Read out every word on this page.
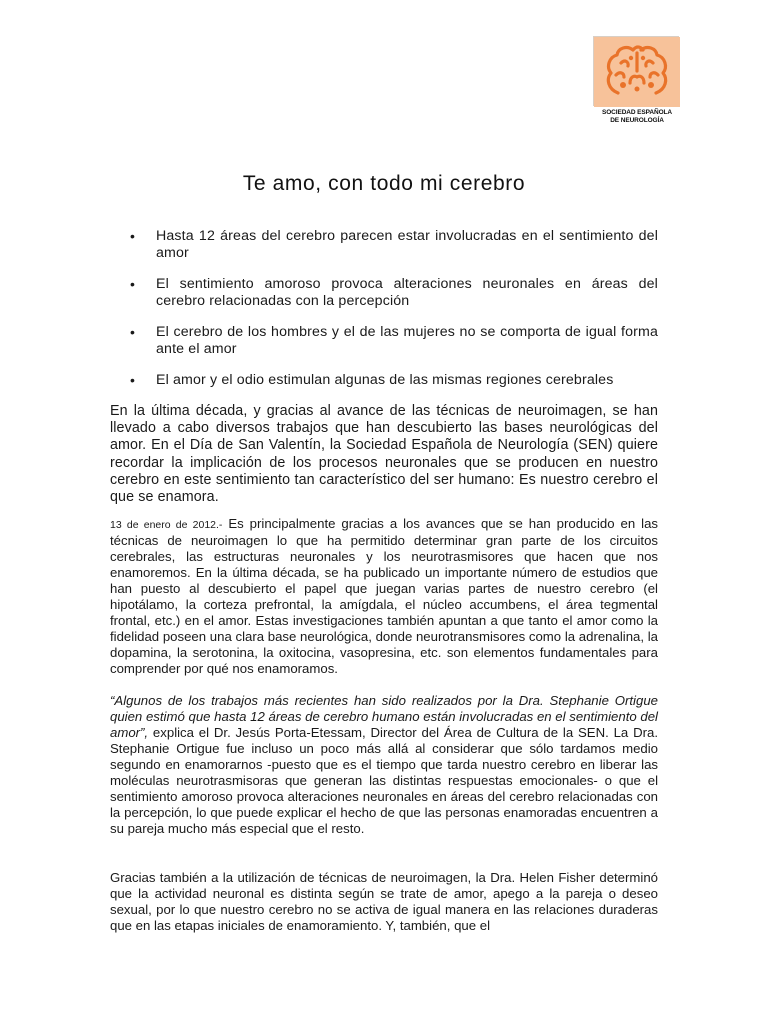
SOCIEDAD ESPAÑOLA
DE NEUROLOGÍA
Te amo, con todo mi cerebro
• Hasta 12 áreas del cerebro parecen estar involucradas en el sentimiento del amor
• El sentimiento amoroso provoca alteraciones neuronales en áreas del cerebro relacionadas con la percepción
• El cerebro de los hombres y el de las mujeres no se comporta de igual forma ante el amor
• El amor y el odio estimulan algunas de las mismas regiones cerebrales

En la última década, y gracias al avance de las técnicas de neuroimagen, se han llevado a cabo diversos trabajos que han descubierto las bases neurológicas del amor. En el Día de San Valentín, la Sociedad Española de Neurología (SEN) quiere recordar la implicación de los procesos neuronales que se producen en nuestro cerebro en este sentimiento tan característico del ser humano: Es nuestro cerebro el que se enamora.

13 de enero de 2012.- Es principalmente gracias a los avances que se han producido en las técnicas de neuroimagen lo que ha permitido determinar gran parte de los circuitos cerebrales, las estructuras neuronales y los neurotrasmisores que hacen que nos enamoremos. En la última década, se ha publicado un importante número de estudios que han puesto al descubierto el papel que juegan varias partes de nuestro cerebro (el hipotálamo, la corteza prefrontal, la amígdala, el núcleo accumbens, el área tegmental frontal, etc.) en el amor. Estas investigaciones también apuntan a que tanto el amor como la fidelidad poseen una clara base neurológica, donde neurotransmisores como la adrenalina, la dopamina, la serotonina, la oxitocina, vasopresina, etc. son elementos fundamentales para comprender por qué nos enamoramos.

“Algunos de los trabajos más recientes han sido realizados por la Dra. Stephanie Ortigue quien estimó que hasta 12 áreas de cerebro humano están involucradas en el sentimiento del amor”, explica el Dr. Jesús Porta-Etessam, Director del Área de Cultura de la SEN. La Dra. Stephanie Ortigue fue incluso un poco más allá al considerar que sólo tardamos medio segundo en enamorarnos -puesto que es el tiempo que tarda nuestro cerebro en liberar las moléculas neurotrasmisoras que generan las distintas respuestas emocionales- o que el sentimiento amoroso provoca alteraciones neuronales en áreas del cerebro relacionadas con la percepción, lo que puede explicar el hecho de que las personas enamoradas encuentren a su pareja mucho más especial que el resto.

Gracias también a la utilización de técnicas de neuroimagen, la Dra. Helen Fisher determinó que la actividad neuronal es distinta según se trate de amor, apego a la pareja o deseo sexual, por lo que nuestro cerebro no se activa de igual manera en las relaciones duraderas que en las etapas iniciales de enamoramiento. Y, también, que el
